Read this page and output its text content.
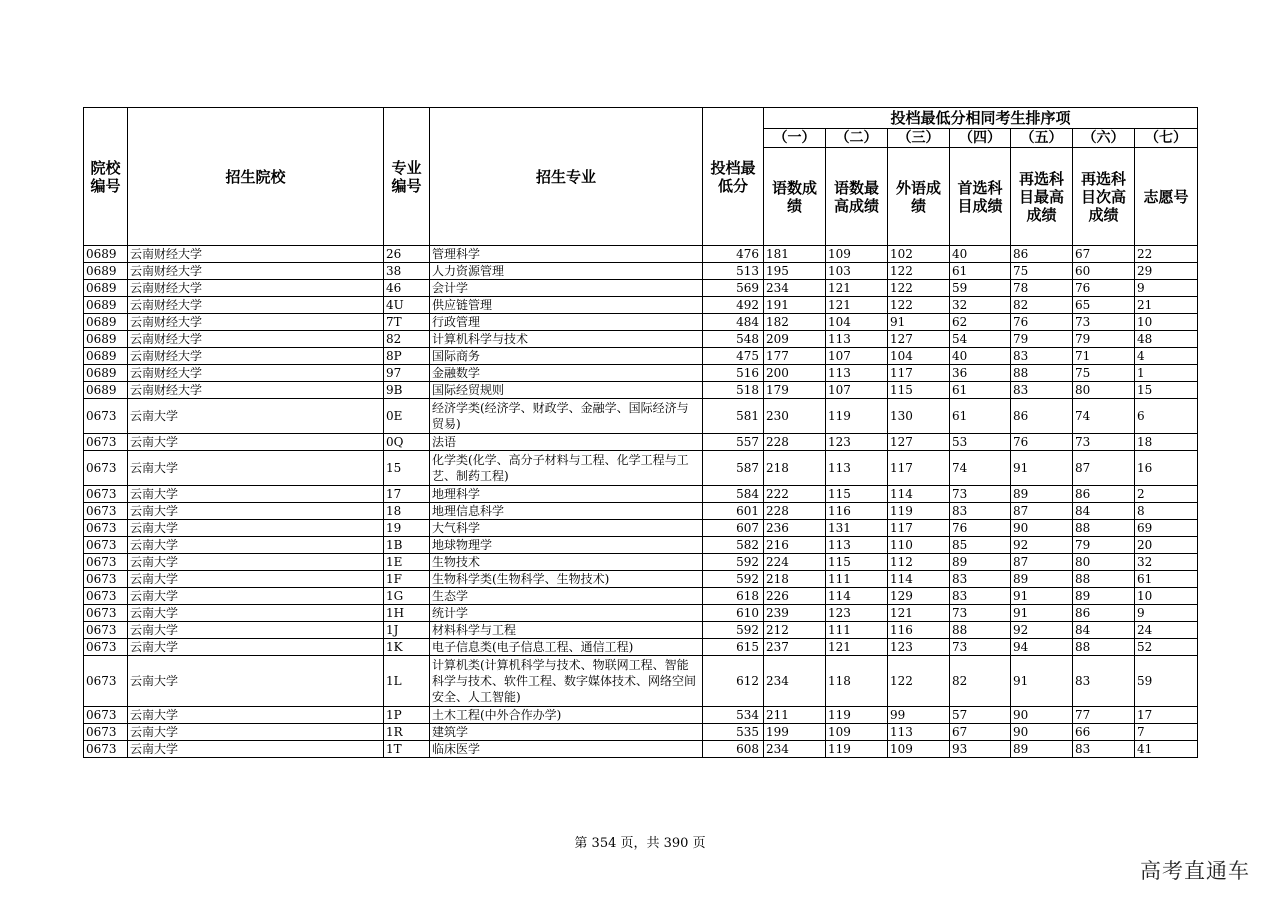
院校编号	招生院校	专业编号	招生专业	投档最低分	投档最低分相同考生排序项						
					（一）	（二）	（三）	（四）	（五）	（六）	（七）
					语数成绩	语数最高成绩	外语成绩	首选科目成绩	再选科目最高成绩	再选科目次高成绩	志愿号
0689	云南财经大学	26	管理科学	476	181	109	102	40	86	67	22
0689	云南财经大学	38	人力资源管理	513	195	103	122	61	75	60	29
0689	云南财经大学	46	会计学	569	234	121	122	59	78	76	9
0689	云南财经大学	4U	供应链管理	492	191	121	122	32	82	65	21
0689	云南财经大学	7T	行政管理	484	182	104	91	62	76	73	10
0689	云南财经大学	82	计算机科学与技术	548	209	113	127	54	79	79	48
0689	云南财经大学	8P	国际商务	475	177	107	104	40	83	71	4
0689	云南财经大学	97	金融数学	516	200	113	117	36	88	75	1
0689	云南财经大学	9B	国际经贸规则	518	179	107	115	61	83	80	15
0673	云南大学	0E	经济学类(经济学、财政学、金融学、国际经济与贸易)	581	230	119	130	61	86	74	6
0673	云南大学	0Q	法语	557	228	123	127	53	76	73	18
0673	云南大学	15	化学类(化学、高分子材料与工程、化学工程与工艺、制药工程)	587	218	113	117	74	91	87	16
0673	云南大学	17	地理科学	584	222	115	114	73	89	86	2
0673	云南大学	18	地理信息科学	601	228	116	119	83	87	84	8
0673	云南大学	19	大气科学	607	236	131	117	76	90	88	69
0673	云南大学	1B	地球物理学	582	216	113	110	85	92	79	20
0673	云南大学	1E	生物技术	592	224	115	112	89	87	80	32
0673	云南大学	1F	生物科学类(生物科学、生物技术)	592	218	111	114	83	89	88	61
0673	云南大学	1G	生态学	618	226	114	129	83	91	89	10
0673	云南大学	1H	统计学	610	239	123	121	73	91	86	9
0673	云南大学	1J	材料科学与工程	592	212	111	116	88	92	84	24
0673	云南大学	1K	电子信息类(电子信息工程、通信工程)	615	237	121	123	73	94	88	52
0673	云南大学	1L	计算机类(计算机科学与技术、物联网工程、智能科学与技术、软件工程、数字媒体技术、网络空间安全、人工智能)	612	234	118	122	82	91	83	59
0673	云南大学	1P	土木工程(中外合作办学)	534	211	119	99	57	90	77	17
0673	云南大学	1R	建筑学	535	199	109	113	67	90	66	7
0673	云南大学	1T	临床医学	608	234	119	109	93	89	83	41
第 354 页，共 390 页
高考直通车
